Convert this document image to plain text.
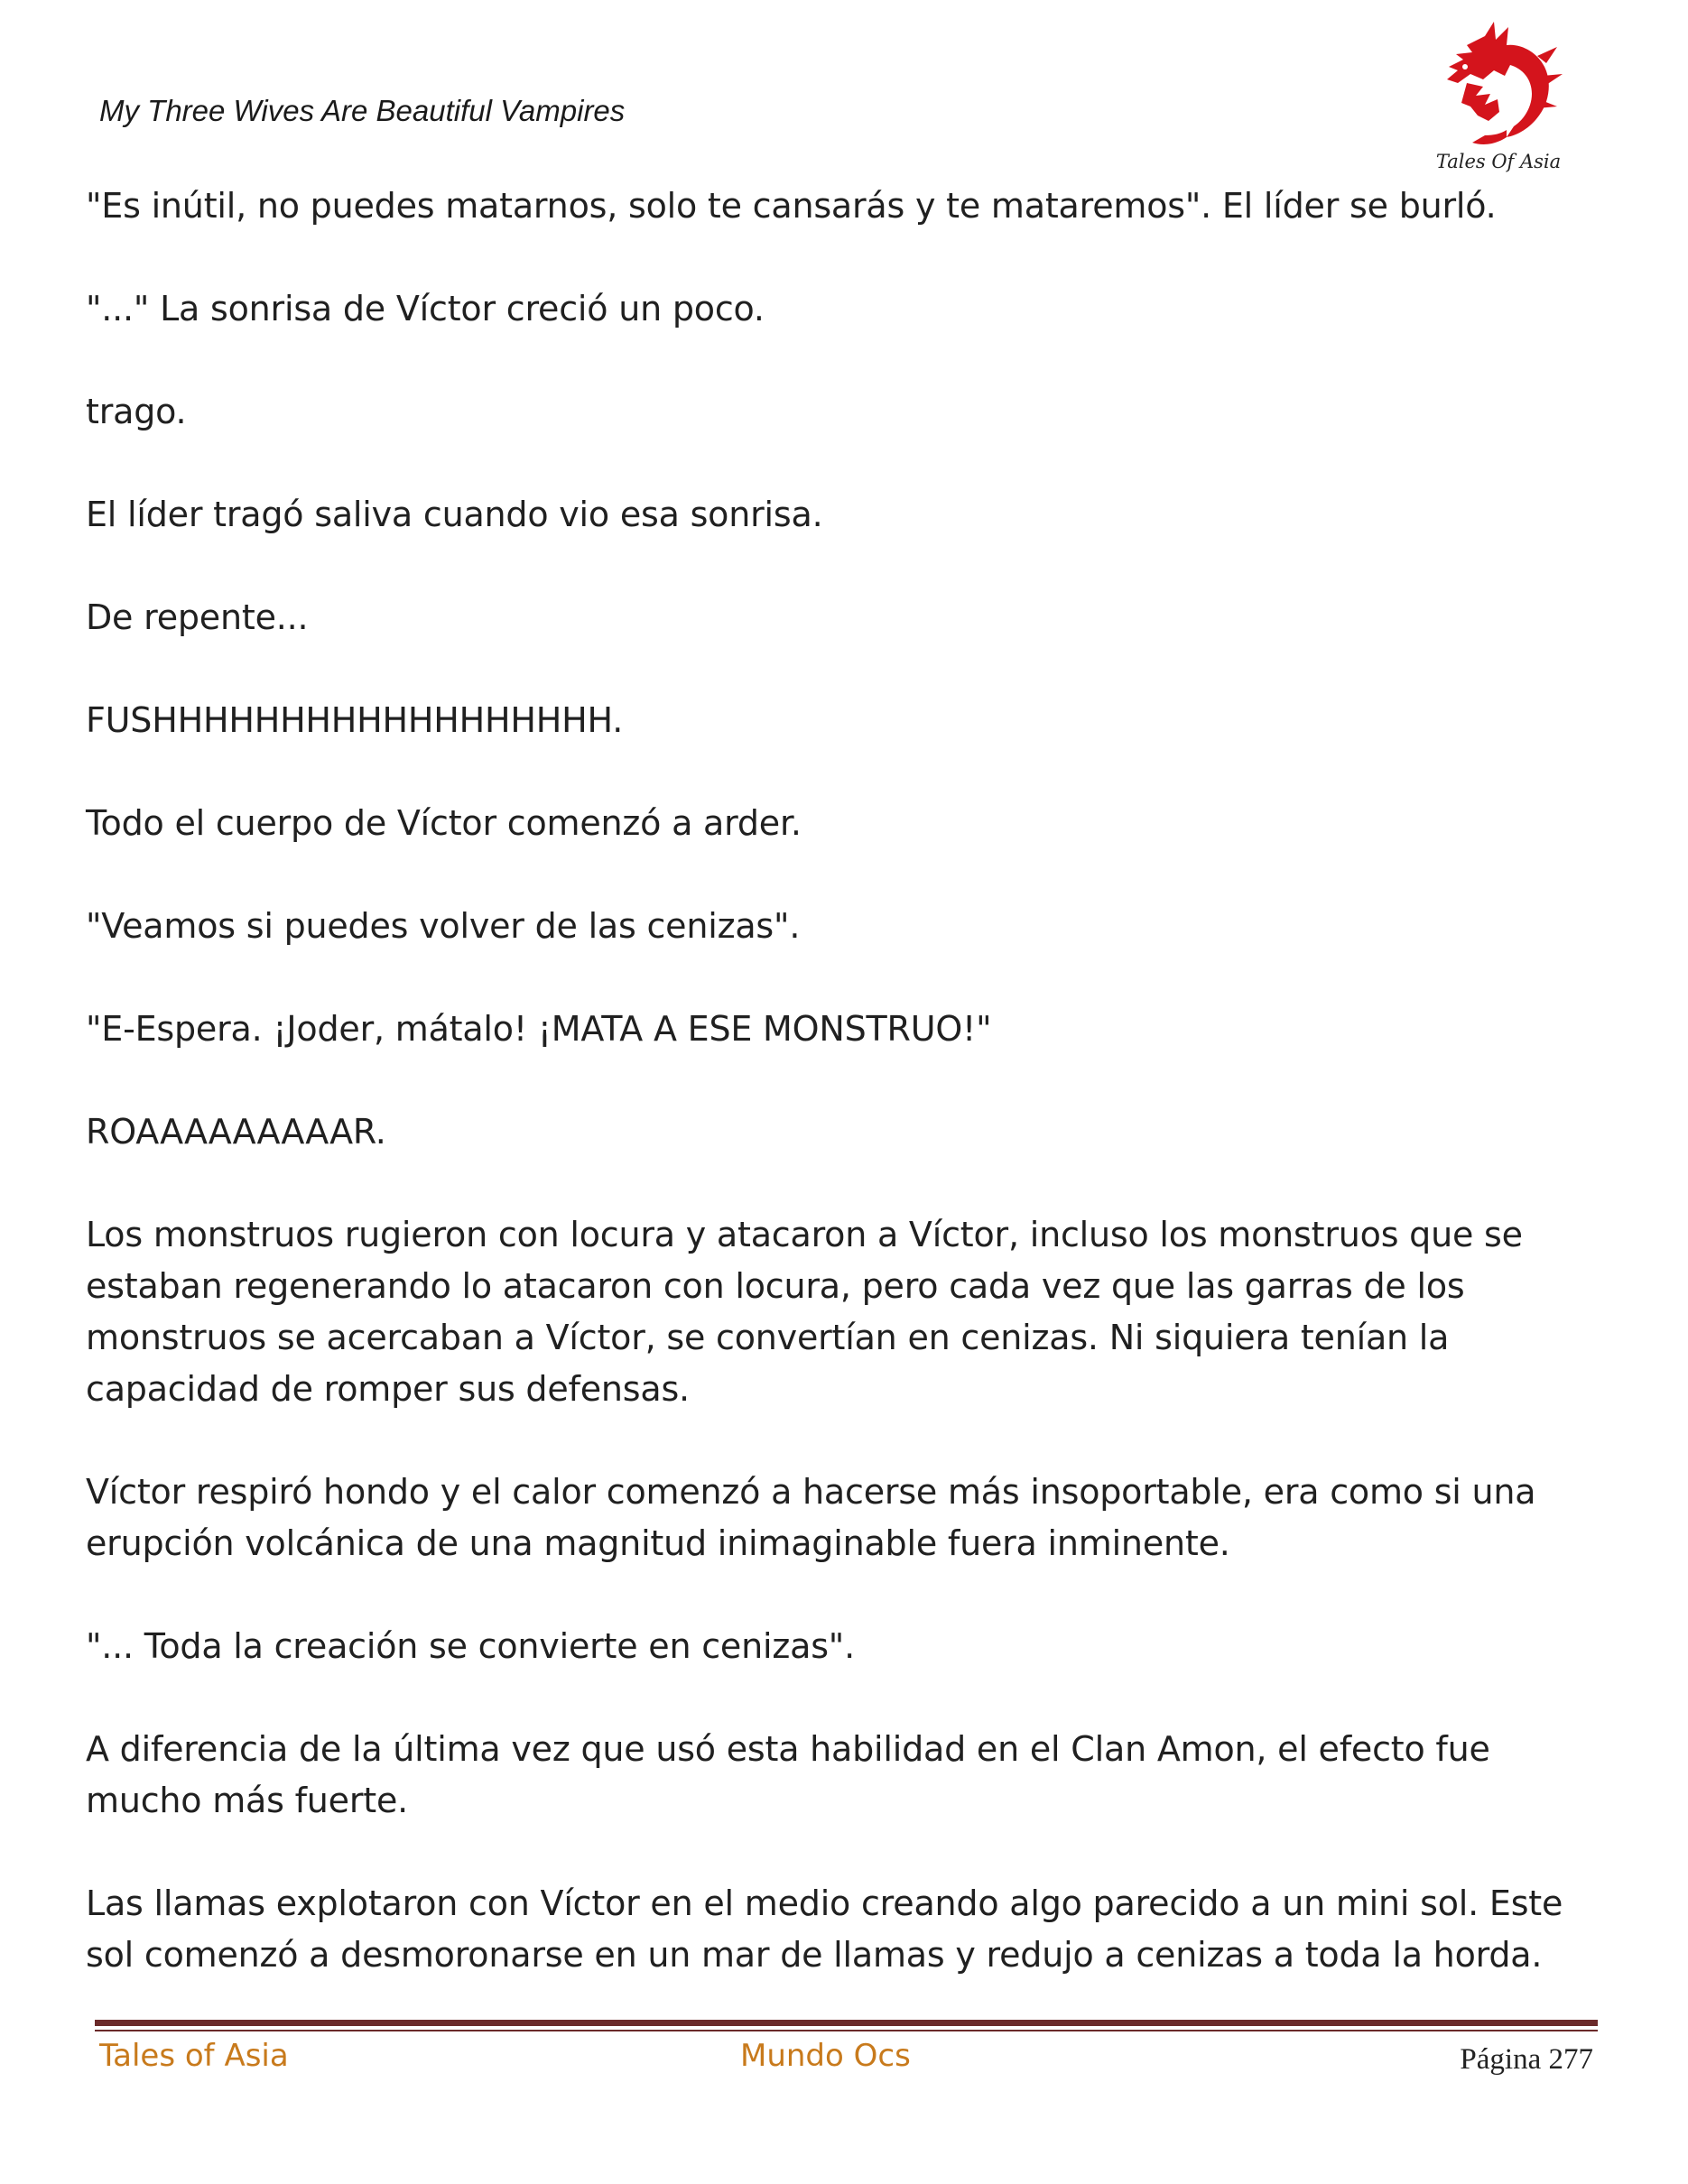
My Three Wives Are Beautiful Vampires
Tales Of Asia

"Es inútil, no puedes matarnos, solo te cansarás y te mataremos". El líder se burló.

"..." La sonrisa de Víctor creció un poco.

trago.

El líder tragó saliva cuando vio esa sonrisa.

De repente...

FUSHHHHHHHHHHHHHHHHHH.

Todo el cuerpo de Víctor comenzó a arder.

"Veamos si puedes volver de las cenizas".

"E-Espera. ¡Joder, mátalo! ¡MATA A ESE MONSTRUO!"

ROAAAAAAAAAR.

Los monstruos rugieron con locura y atacaron a Víctor, incluso los monstruos que se estaban regenerando lo atacaron con locura, pero cada vez que las garras de los monstruos se acercaban a Víctor, se convertían en cenizas. Ni siquiera tenían la capacidad de romper sus defensas.

Víctor respiró hondo y el calor comenzó a hacerse más insoportable, era como si una erupción volcánica de una magnitud inimaginable fuera inminente.

"... Toda la creación se convierte en cenizas".

A diferencia de la última vez que usó esta habilidad en el Clan Amon, el efecto fue mucho más fuerte.

Las llamas explotaron con Víctor en el medio creando algo parecido a un mini sol. Este sol comenzó a desmoronarse en un mar de llamas y redujo a cenizas a toda la horda.

Tales of Asia	Mundo Ocs	Página 277
